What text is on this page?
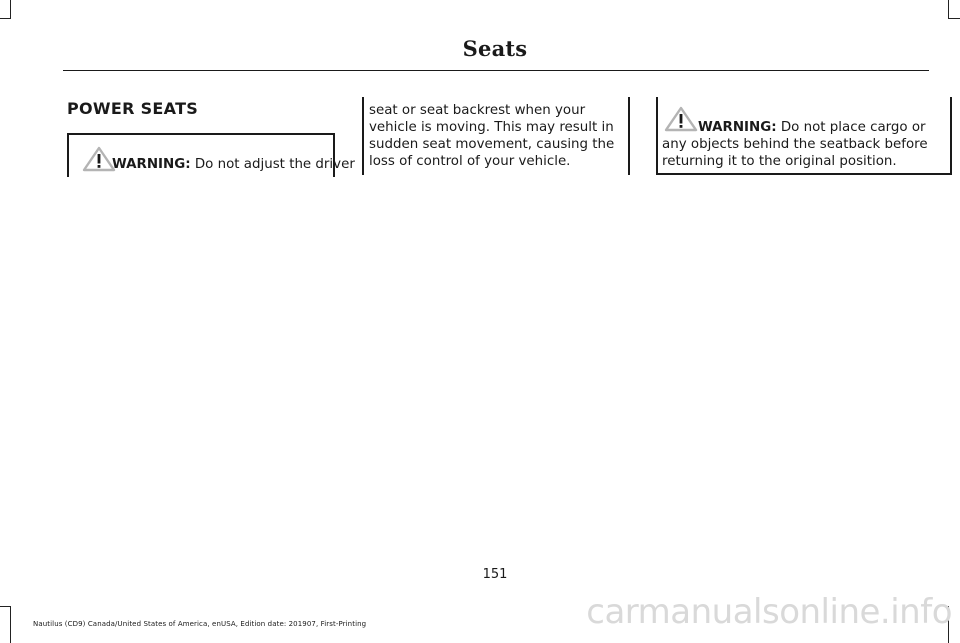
Seats
POWER SEATS
WARNING: Do not adjust the driver
seat or seat backrest when your vehicle is moving. This may result in sudden seat movement, causing the loss of control of your vehicle.
WARNING: Do not place cargo or
any objects behind the seatback before returning it to the original position.
151
Nautilus (CD9) Canada/United States of America, enUSA, Edition date: 201907, First-Printing	carmanualsonline.info
